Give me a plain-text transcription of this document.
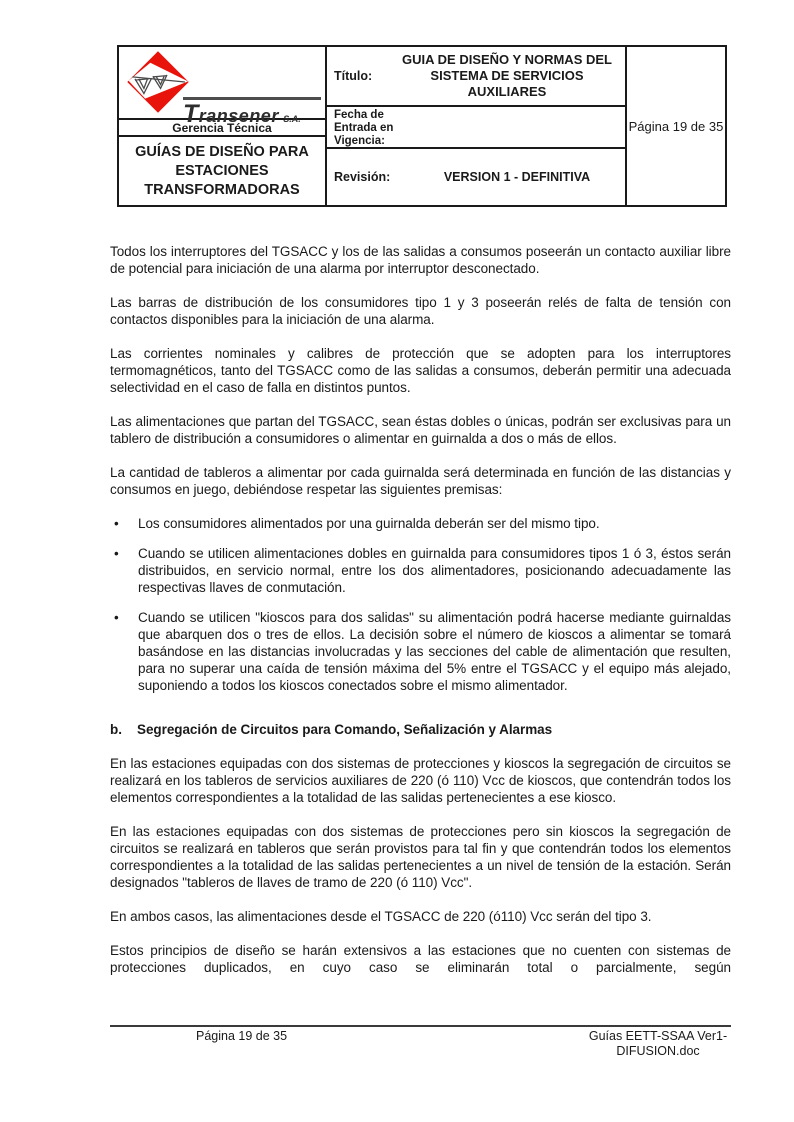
Transener S.A.
Gerencia Técnica
GUÍAS DE DISEÑO PARA ESTACIONES TRANSFORMADORAS
Título:
GUIA DE DISEÑO Y NORMAS DEL SISTEMA DE SERVICIOS AUXILIARES
Fecha de Entrada en Vigencia:
Revisión:	VERSION 1 - DEFINITIVA
Página 19 de 35

Todos los interruptores del TGSACC y los de las salidas a consumos poseerán un contacto auxiliar libre de potencial para iniciación de una alarma por interruptor desconectado.

Las barras de distribución de los consumidores tipo 1 y 3 poseerán relés de falta de tensión con contactos disponibles para la iniciación de una alarma.

Las corrientes nominales y calibres de protección que se adopten para los interruptores termomagnéticos, tanto del TGSACC como de las salidas a consumos, deberán permitir una adecuada selectividad en el caso de falla en distintos puntos.

Las alimentaciones que partan del TGSACC, sean éstas dobles o únicas, podrán ser exclusivas para un tablero de distribución a consumidores o alimentar en guirnalda a dos o más de ellos.

La cantidad de tableros a alimentar por cada guirnalda será determinada en función de las distancias y consumos en juego, debiéndose respetar las siguientes premisas:

•	Los consumidores alimentados por una guirnalda deberán ser del mismo tipo.
•	Cuando se utilicen alimentaciones dobles en guirnalda para consumidores tipos 1 ó 3, éstos serán distribuidos, en servicio normal, entre los dos alimentadores, posicionando adecuadamente las respectivas llaves de conmutación.
•	Cuando se utilicen "kioscos para dos salidas" su alimentación podrá hacerse mediante guirnaldas que abarquen dos o tres de ellos. La decisión sobre el número de kioscos a alimentar se tomará basándose en las distancias involucradas y las secciones del cable de alimentación que resulten, para no superar una caída de tensión máxima del 5% entre el TGSACC y el equipo más alejado, suponiendo a todos los kioscos conectados sobre el mismo alimentador.
b.	Segregación de Circuitos para Comando, Señalización y Alarmas

En las estaciones equipadas con dos sistemas de protecciones y kioscos la segregación de circuitos se realizará en los tableros de servicios auxiliares de 220 (ó 110) Vcc de kioscos, que contendrán todos los elementos correspondientes a la totalidad de las salidas pertenecientes a ese kiosco.

En las estaciones equipadas con dos sistemas de protecciones pero sin kioscos la segregación de circuitos se realizará en tableros que serán provistos para tal fin y que contendrán todos los elementos correspondientes a la totalidad de las salidas pertenecientes a un nivel de tensión de la estación. Serán designados "tableros de llaves de tramo de 220 (ó 110) Vcc".

En ambos casos, las alimentaciones desde el TGSACC de 220 (ó110) Vcc serán del tipo 3.

Estos principios de diseño se harán extensivos a las estaciones que no cuenten con sistemas de protecciones duplicados, en cuyo caso se eliminarán total o parcialmente, según

Página 19 de 35	Guías EETT-SSAA Ver1-
DIFUSION.doc
